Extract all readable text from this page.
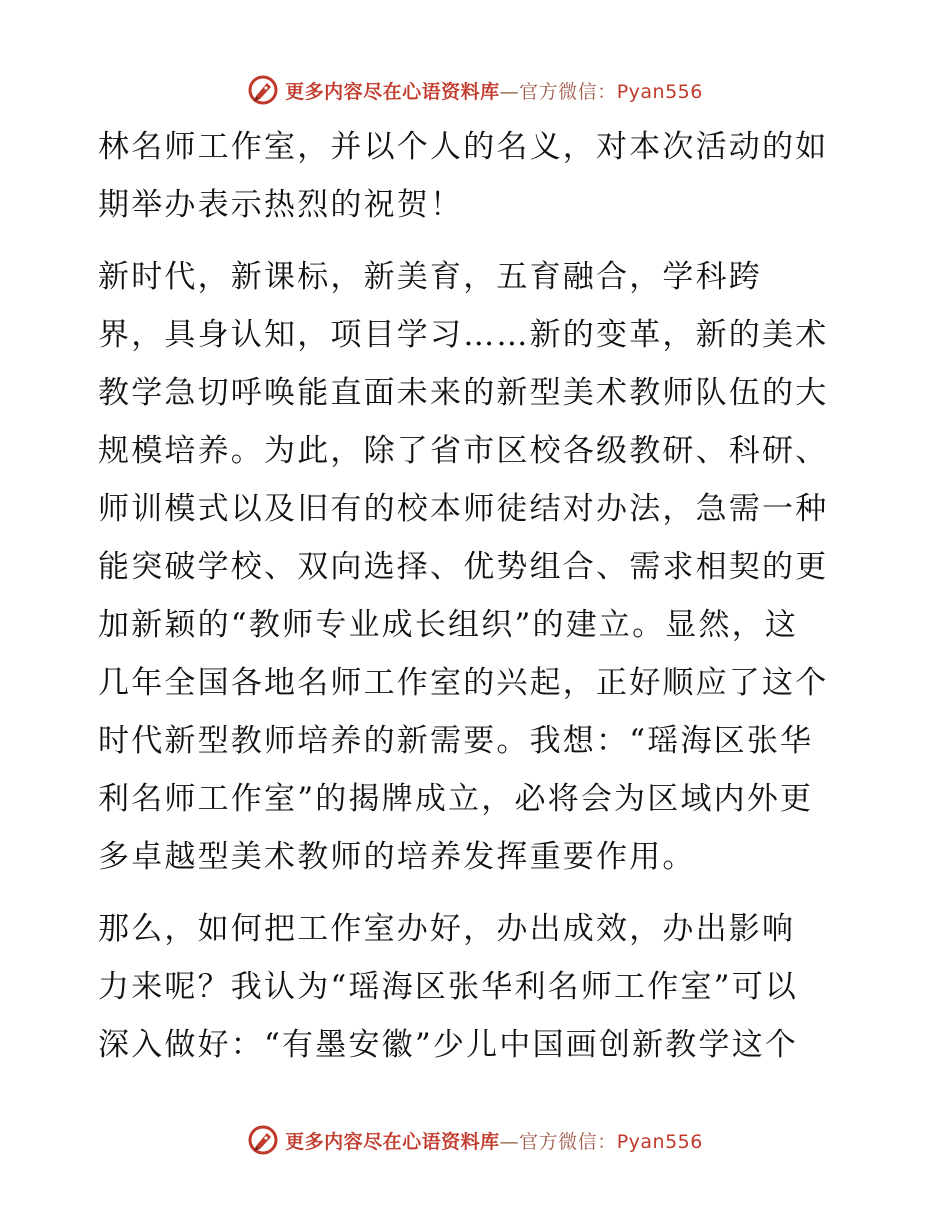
更多内容尽在心语资料库—官方微信：Pyan556

林名师工作室，并以个人的名义，对本次活动的如
期举办表示热烈的祝贺！

新时代，新课标，新美育，五育融合，学科跨
界，具身认知，项目学习……新的变革，新的美术
教学急切呼唤能直面未来的新型美术教师队伍的大
规模培养。为此，除了省市区校各级教研、科研、
师训模式以及旧有的校本师徒结对办法，急需一种
能突破学校、双向选择、优势组合、需求相契的更
加新颖的“教师专业成长组织”的建立。显然，这
几年全国各地名师工作室的兴起，正好顺应了这个
时代新型教师培养的新需要。我想：“瑶海区张华
利名师工作室”的揭牌成立，必将会为区域内外更
多卓越型美术教师的培养发挥重要作用。

那么，如何把工作室办好，办出成效，办出影响
力来呢？我认为“瑶海区张华利名师工作室”可以
深入做好：“有墨安徽”少儿中国画创新教学这个

更多内容尽在心语资料库—官方微信：Pyan556
